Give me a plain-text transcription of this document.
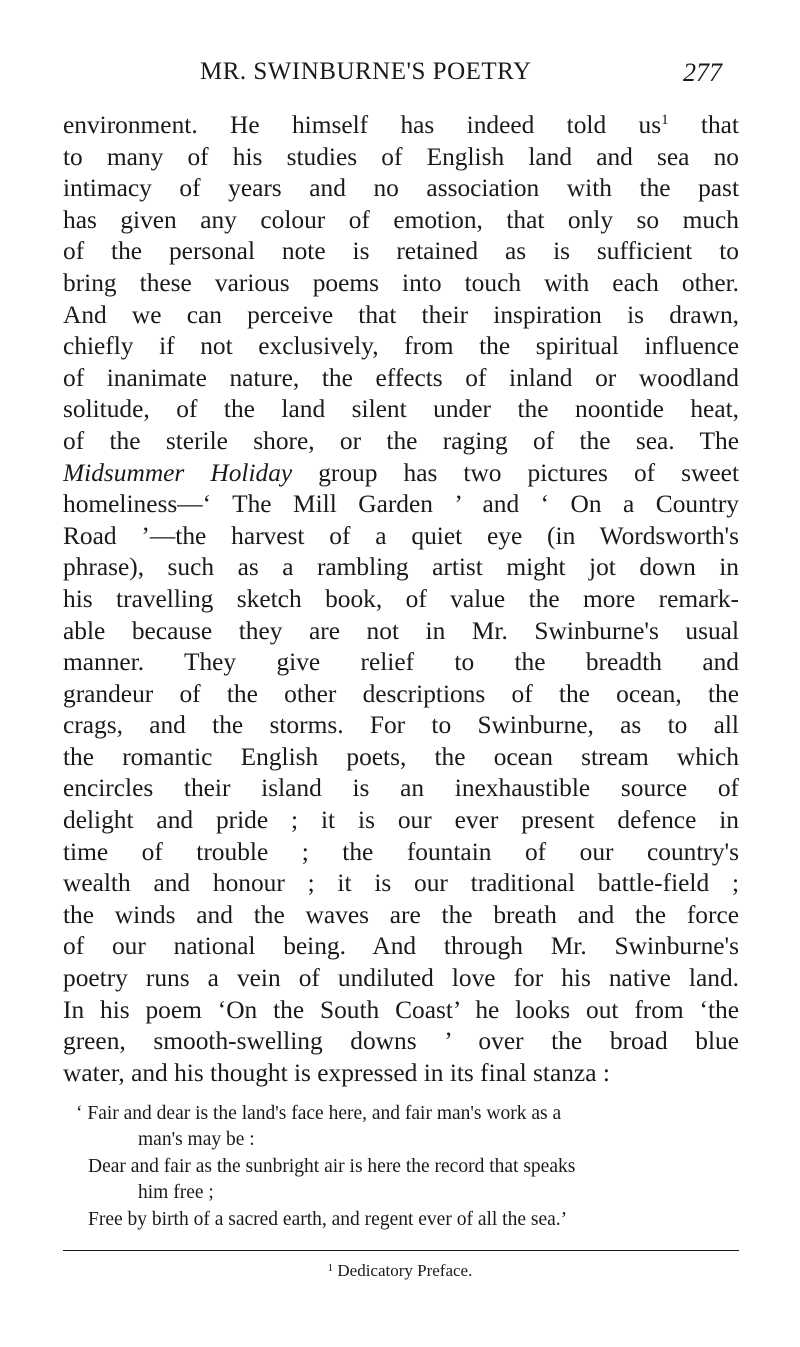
MR. SWINBURNE'S POETRY	277
environment. He himself has indeed told us$^1$ that
to many of his studies of English land and sea no
intimacy of years and no association with the past
has given any colour of emotion, that only so much
of the personal note is retained as is sufficient to
bring these various poems into touch with each other.
And we can perceive that their inspiration is drawn,
chiefly if not exclusively, from the spiritual influence
of inanimate nature, the effects of inland or woodland
solitude, of the land silent under the noontide heat,
of the sterile shore, or the raging of the sea. The
Midsummer Holiday group has two pictures of sweet
homeliness—‘ The Mill Garden ’ and ‘ On a Country
Road ’—the harvest of a quiet eye (in Wordsworth's
phrase), such as a rambling artist might jot down in
his travelling sketch book, of value the more remark-
able because they are not in Mr. Swinburne's usual
manner. They give relief to the breadth and
grandeur of the other descriptions of the ocean, the
crags, and the storms. For to Swinburne, as to all
the romantic English poets, the ocean stream which
encircles their island is an inexhaustible source of
delight and pride ; it is our ever present defence in
time of trouble ; the fountain of our country's
wealth and honour ; it is our traditional battle-field ;
the winds and the waves are the breath and the force
of our national being. And through Mr. Swinburne's
poetry runs a vein of undiluted love for his native land.
In his poem ‘On the South Coast’ he looks out from ‘the
green, smooth-swelling downs ’ over the broad blue
water, and his thought is expressed in its final stanza :
‘ Fair and dear is the land's face here, and fair man's work as a
man's may be :
Dear and fair as the sunbright air is here the record that speaks
him free ;
Free by birth of a sacred earth, and regent ever of all the sea.’
$^1$ Dedicatory Preface.
